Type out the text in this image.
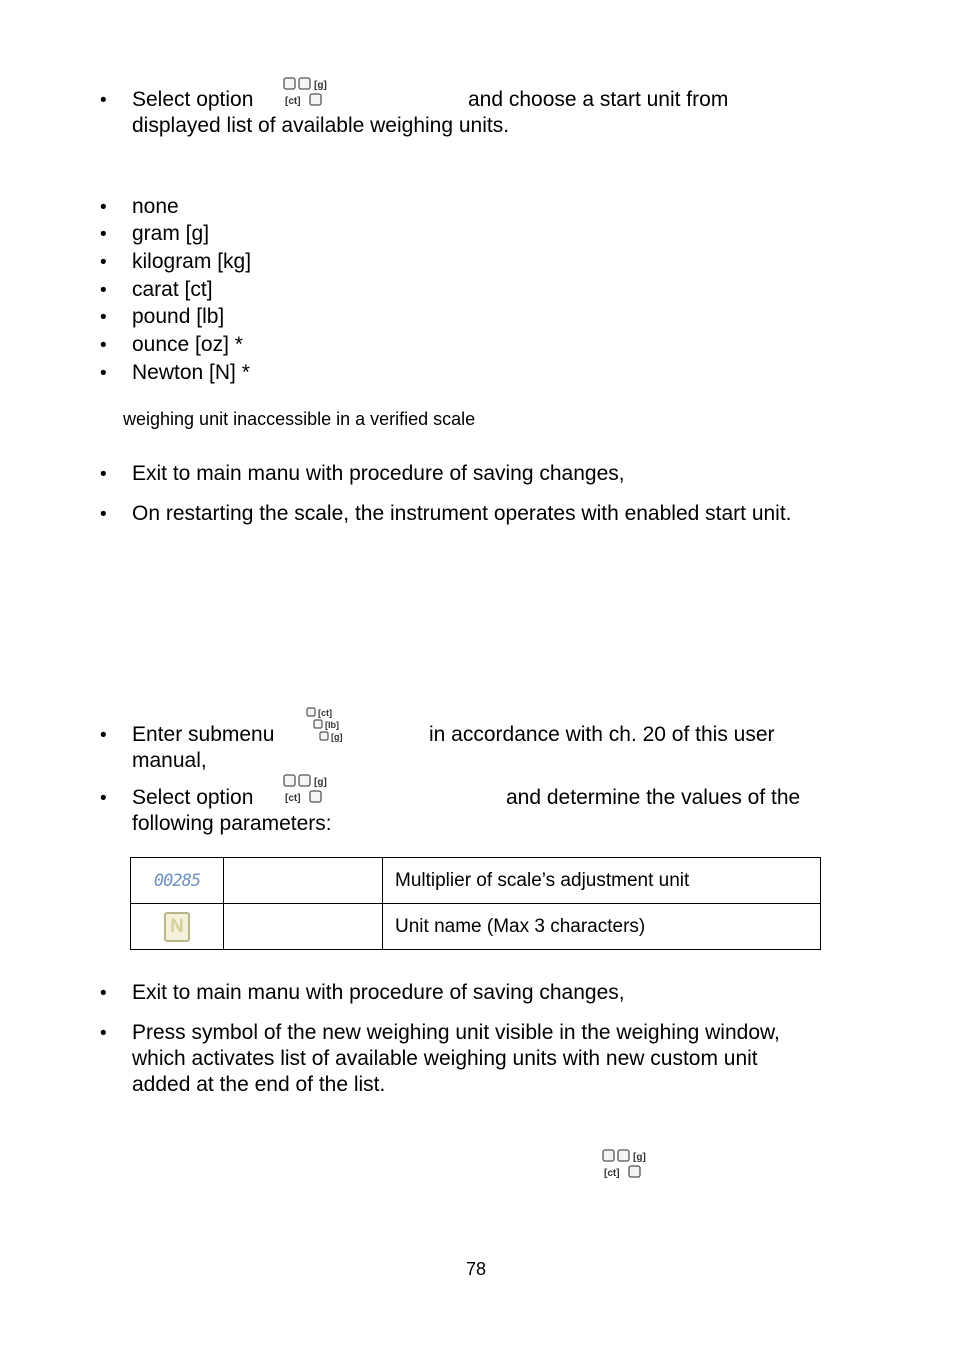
• Select option
[g]
[ct]	and choose a start unit from
displayed list of available weighing units.
• none
• gram [g]
• kilogram [kg]
• carat [ct]
• pound [lb]
• ounce [oz] *
• Newton [N] *
weighing unit inaccessible in a verified scale
• Exit to main manu with procedure of saving changes,
• On restarting the scale, the instrument operates with enabled start unit.
• Enter submenu
[ct]
[lb]
[g]	in accordance with ch. 20 of this user
manual,
• Select option
[g]
[ct]	and determine the values of the
following parameters:
00285		Multiplier of scale’s adjustment unit
N		Unit name (Max 3 characters)
• Exit to main manu with procedure of saving changes,
• Press symbol of the new weighing unit visible in the weighing window,
which activates list of available weighing units with new custom unit
added at the end of the list.
[g]
[ct]
78
